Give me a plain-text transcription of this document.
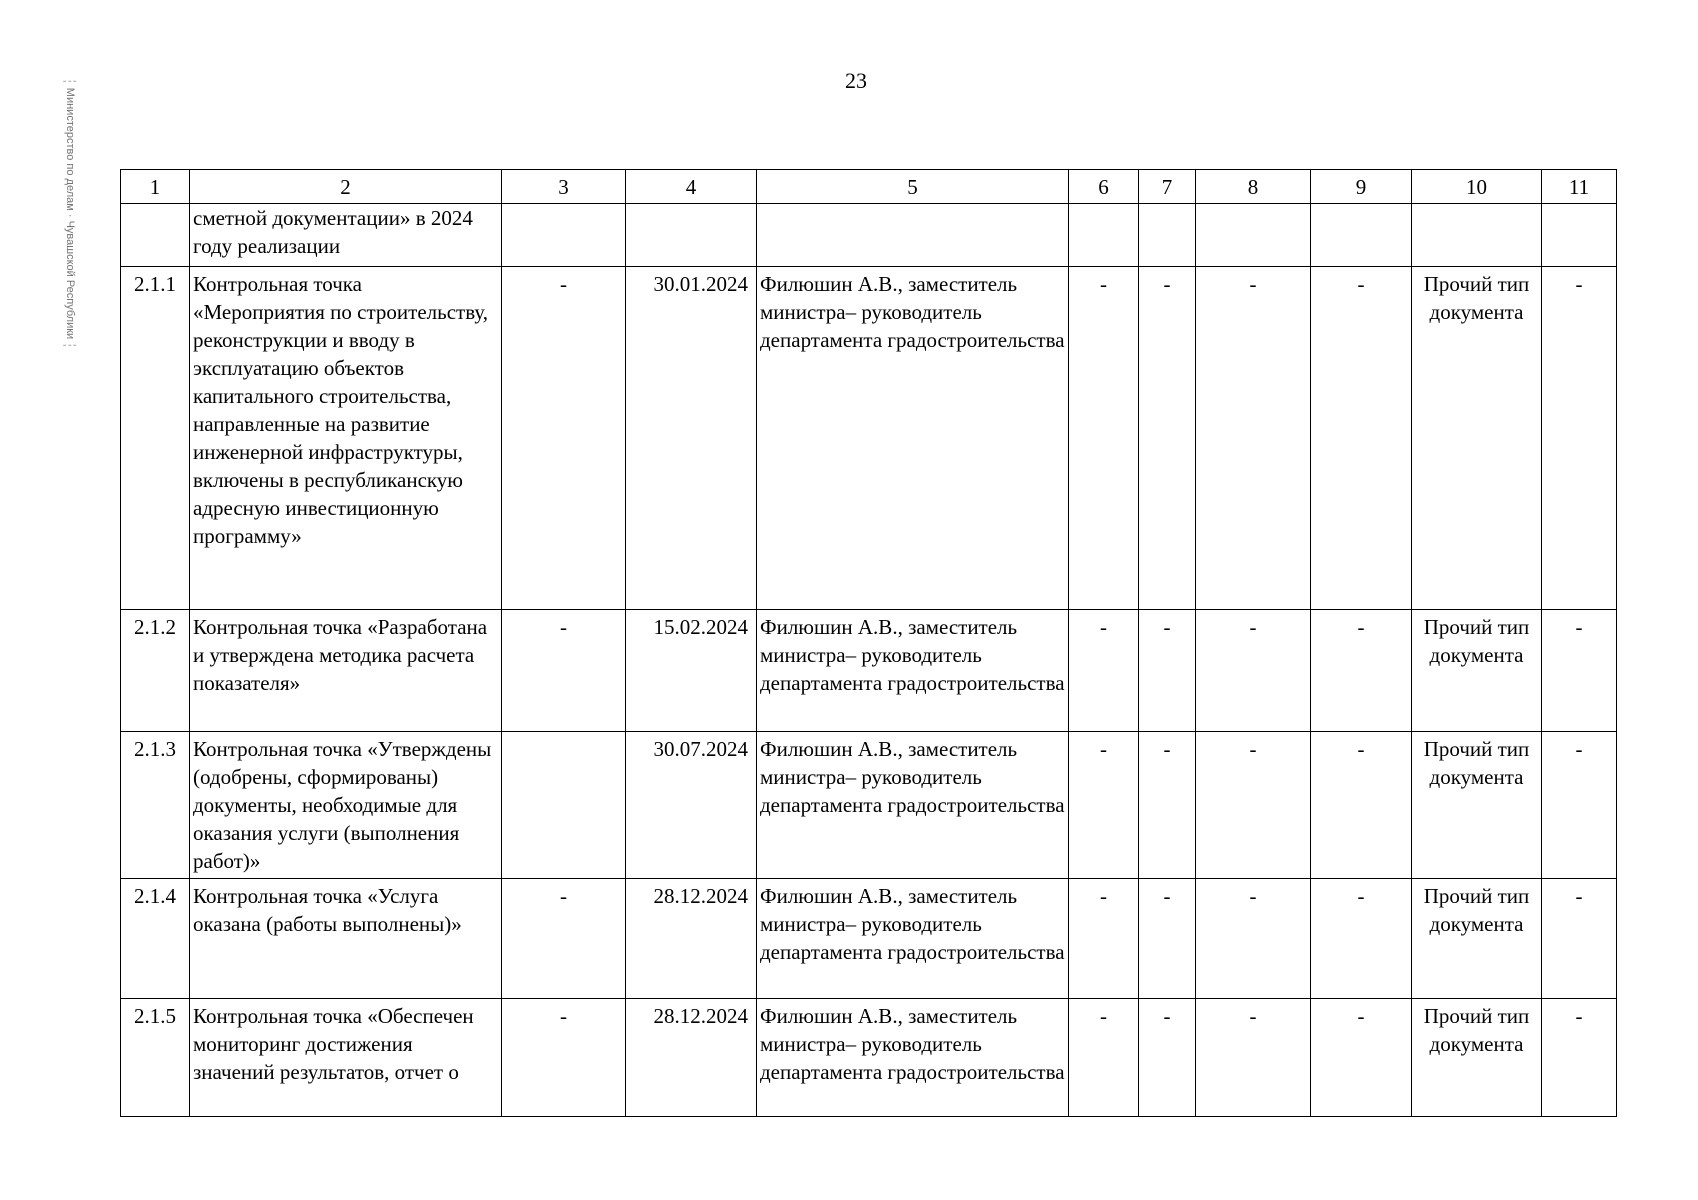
23
Министерство по делам · Чувашской Республики	1	2	3	4	5	6	7	8	9	10	11
	сметной документации» в 2024 году реализации									
2.1.1	Контрольная точка «Мероприятия по строительству, реконструкции и вводу в эксплуатацию объектов капитального строительства, направленные на развитие инженерной инфраструктуры, включены в республиканскую адресную инвестиционную программу»	-	30.01.2024	Филюшин А.В., заместитель министра– руководитель департамента градостроительства	-	-	-	-	Прочий тип документа	-
2.1.2	Контрольная точка «Разработана и утверждена методика расчета показателя»	-	15.02.2024	Филюшин А.В., заместитель министра– руководитель департамента градостроительства	-	-	-	-	Прочий тип документа	-
2.1.3	Контрольная точка «Утверждены (одобрены, сформированы) документы, необходимые для оказания услуги (выполнения работ)»		30.07.2024	Филюшин А.В., заместитель министра– руководитель департамента градостроительства	-	-	-	-	Прочий тип документа	-
2.1.4	Контрольная точка «Услуга оказана (работы выполнены)»	-	28.12.2024	Филюшин А.В., заместитель министра– руководитель департамента градостроительства	-	-	-	-	Прочий тип документа	-
2.1.5	Контрольная точка «Обеспечен мониторинг достижения значений результатов, отчет о	-	28.12.2024	Филюшин А.В., заместитель министра– руководитель департамента градостроительства	-	-	-	-	Прочий тип документа	-
